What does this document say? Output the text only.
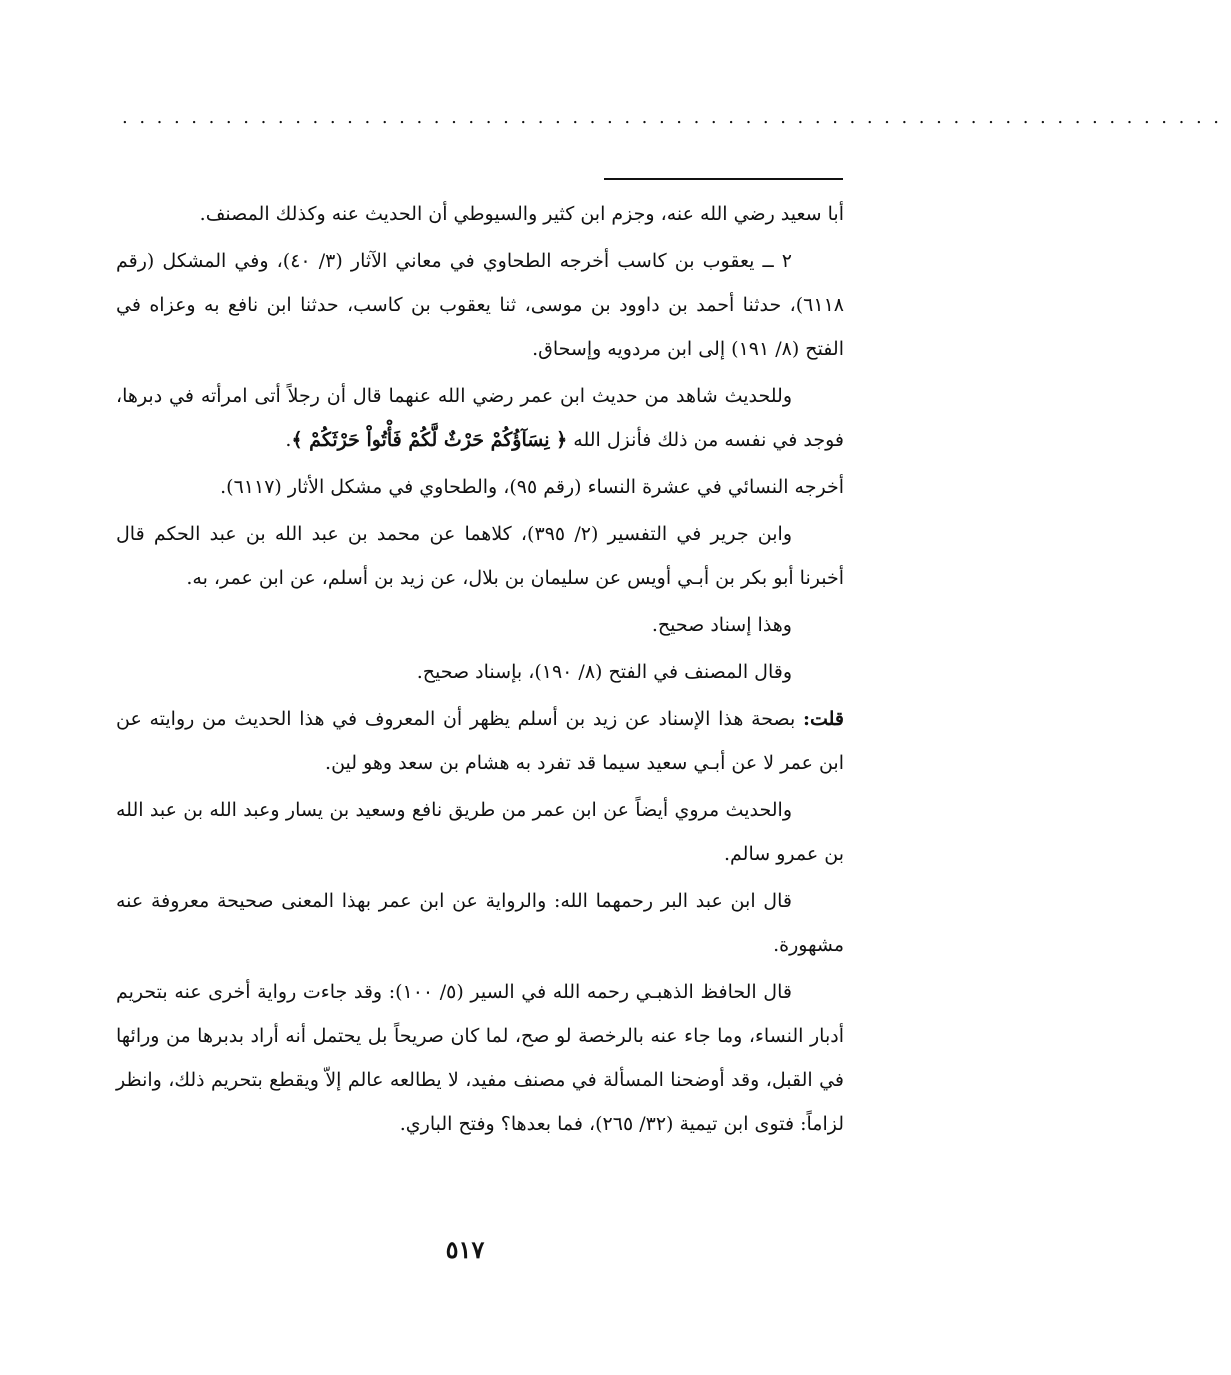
................................................................

أبا سعيد رضي الله عنه، وجزم ابن كثير والسيوطي أن الحديث عنه وكذلك المصنف.

٢ ــ يعقوب بن كاسب أخرجه الطحاوي في معاني الآثار (٣/ ٤٠)، وفي المشكل (رقم ٦١١٨)، حدثنا أحمد بن داوود بن موسى، ثنا يعقوب بن كاسب، حدثنا ابن نافع به وعزاه في الفتح (٨/ ١٩١) إلى ابن مردويه وإسحاق.

وللحديث شاهد من حديث ابن عمر رضي الله عنهما قال أن رجلاً أتى امرأته في دبرها، فوجد في نفسه من ذلك فأنزل الله ﴿ نِسَآؤُكُمْ حَرْثٌ لَّكُمْ فَأْتُواْ حَرْثَكُمْ ﴾.

أخرجه النسائي في عشرة النساء (رقم ٩٥)، والطحاوي في مشكل الأثار (٦١١٧).

وابن جرير في التفسير (٢/ ٣٩٥)، كلاهما عن محمد بن عبد الله بن عبد الحكم قال أخبرنا أبو بكر بن أبـي أويس عن سليمان بن بلال، عن زيد بن أسلم، عن ابن عمر، به.

وهذا إسناد صحيح.

وقال المصنف في الفتح (٨/ ١٩٠)، بإسناد صحيح.

قلت: بصحة هذا الإسناد عن زيد بن أسلم يظهر أن المعروف في هذا الحديث من روايته عن ابن عمر لا عن أبـي سعيد سيما قد تفرد به هشام بن سعد وهو لين.

والحديث مروي أيضاً عن ابن عمر من طريق نافع وسعيد بن يسار وعبد الله بن عبد الله بن عمرو سالم.

قال ابن عبد البر رحمهما الله: والرواية عن ابن عمر بهذا المعنى صحيحة معروفة عنه مشهورة.

قال الحافظ الذهبـي رحمه الله في السير (٥/ ١٠٠): وقد جاءت رواية أخرى عنه بتحريم أدبار النساء، وما جاء عنه بالرخصة لو صح، لما كان صريحاً بل يحتمل أنه أراد بدبرها من ورائها في القبل، وقد أوضحنا المسألة في مصنف مفيد، لا يطالعه عالم إلاّ ويقطع بتحريم ذلك، وانظر لزاماً: فتوى ابن تيمية (٣٢/ ٢٦٥)، فما بعدها؟ وفتح الباري.

٥١٧
